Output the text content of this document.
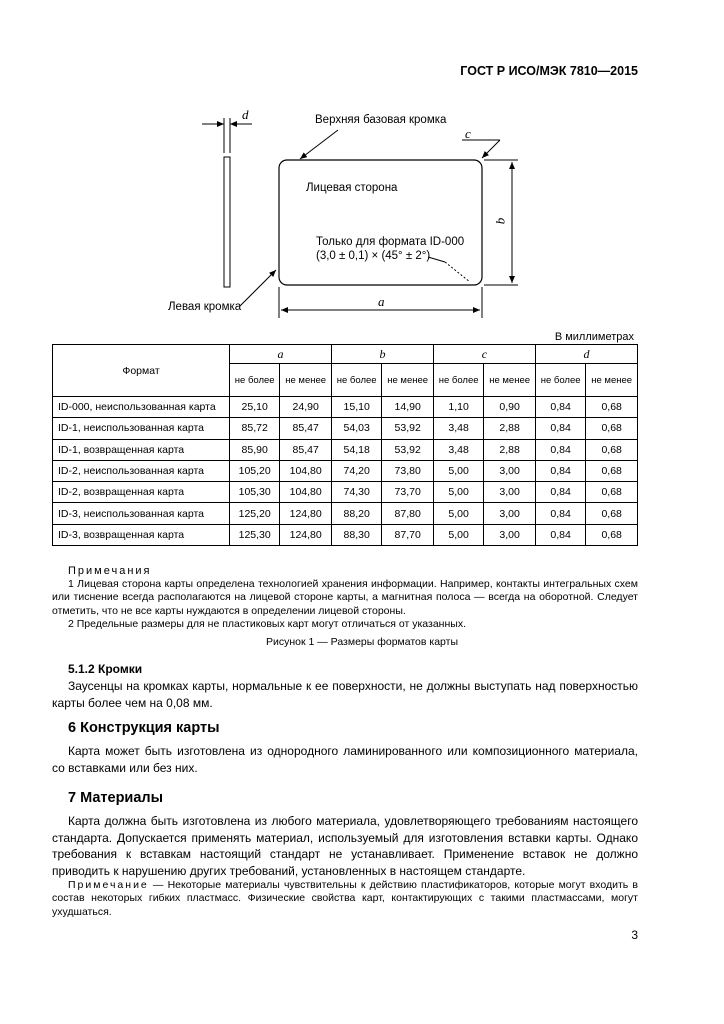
ГОСТ Р ИСО/МЭК 7810—2015
d	Верхняя базовая кромка
c
Лицевая сторона
b
Только для формата ID-000
(3,0 ± 0,1) × (45° ± 2°)
a
Левая кромка
В миллиметрах
Формат	a		b		c		d	
	не более	не менее	не более	не менее	не более	не менее	не более	не менее
ID-000, неиспользованная карта	25,10	24,90	15,10	14,90	1,10	0,90	0,84	0,68
ID-1, неиспользованная карта	85,72	85,47	54,03	53,92	3,48	2,88	0,84	0,68
ID-1, возвращенная карта	85,90	85,47	54,18	53,92	3,48	2,88	0,84	0,68
ID-2, неиспользованная карта	105,20	104,80	74,20	73,80	5,00	3,00	0,84	0,68
ID-2, возвращенная карта	105,30	104,80	74,30	73,70	5,00	3,00	0,84	0,68
ID-3, неиспользованная карта	125,20	124,80	88,20	87,80	5,00	3,00	0,84	0,68
ID-3, возвращенная карта	125,30	124,80	88,30	87,70	5,00	3,00	0,84	0,68
Примечания
1 Лицевая сторона карты определена технологией хранения информации. Например, контакты интегральных схем или тиснение всегда располагаются на лицевой стороне карты, а магнитная полоса — всегда на оборотной. Следует отметить, что не все карты нуждаются в определении лицевой стороны.
2 Предельные размеры для не пластиковых карт могут отличаться от указанных.
Рисунок 1 — Размеры форматов карты
5.1.2 Кромки
Заусенцы на кромках карты, нормальные к ее поверхности, не должны выступать над поверхностью карты более чем на 0,08 мм.
6 Конструкция карты
Карта может быть изготовлена из однородного ламинированного или композиционного материала, со вставками или без них.
7 Материалы
Карта должна быть изготовлена из любого материала, удовлетворяющего требованиям настоящего стандарта. Допускается применять материал, используемый для изготовления вставки карты. Однако требования к вставкам настоящий стандарт не устанавливает. Применение вставок не должно приводить к нарушению других требований, установленных в настоящем стандарте.
Примечание — Некоторые материалы чувствительны к действию пластификаторов, которые могут входить в состав некоторых гибких пластмасс. Физические свойства карт, контактирующих с такими пластмассами, могут ухудшаться.
3
